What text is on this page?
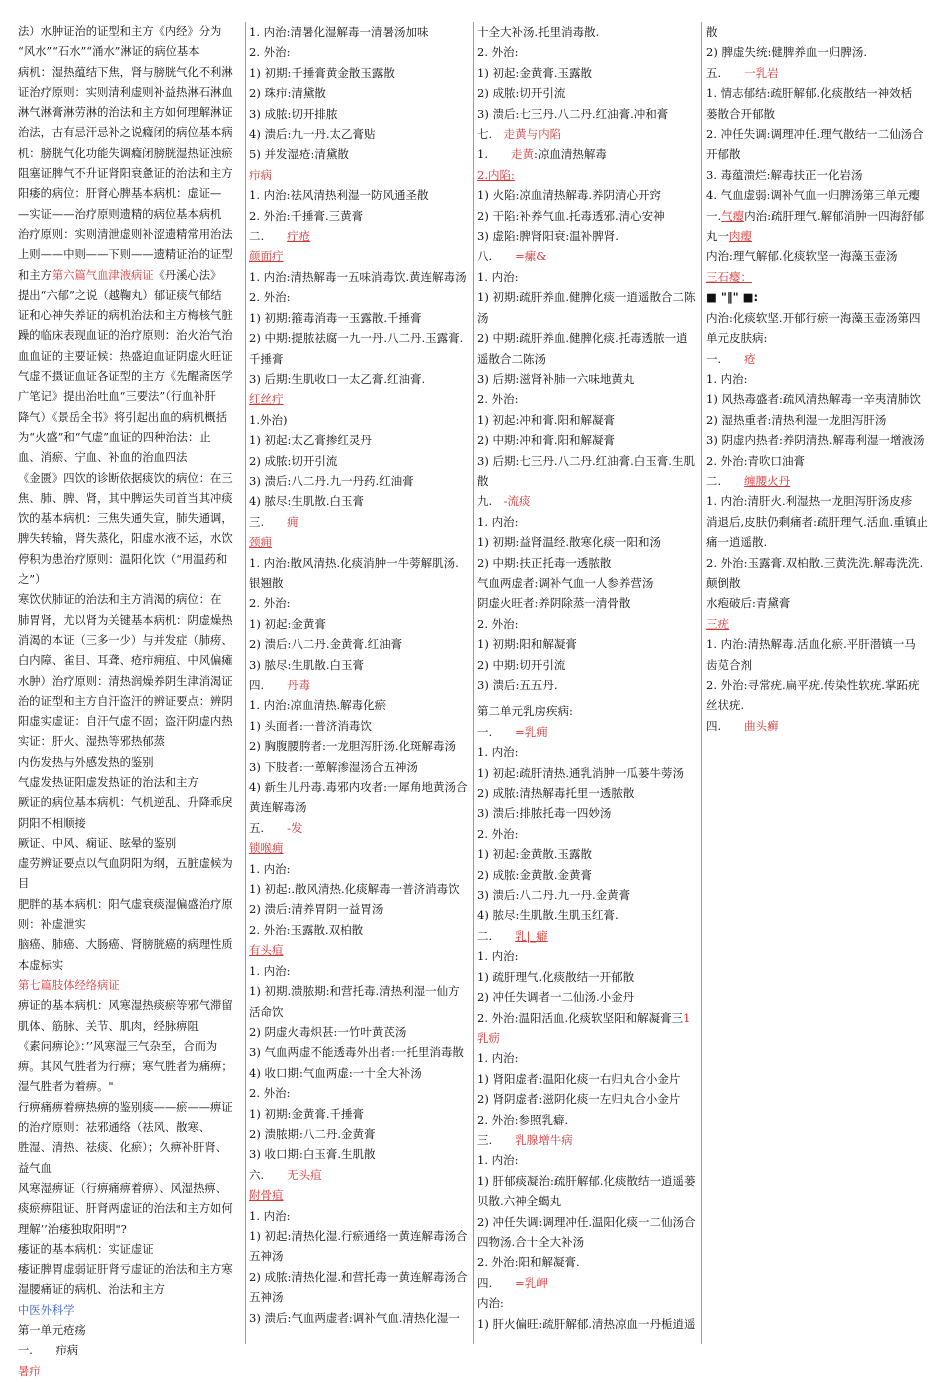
法）水肿证治的证型和主方《内经》分为
“风水”“石水”“涌水”淋证的病位基本
病机：湿热蕴结下焦，肾与膀胱气化不利淋
证治疗原则：实则清利虚则补益热淋石淋血
淋气淋膏淋劳淋的治法和主方如何理解淋证
治法，古有忌汗忌补之说癃闭的病位基本病
机：膀胱气化功能失调癃闭膀胱湿热证浊瘀
阻塞证脾气不升证肾阳衰惫证的治法和主方
阳痿的病位：肝肾心脾基本病机：虚证—
—实证——治疗原则遗精的病位基本病机
治疗原则：实则清泄虚则补涩遗精常用治法
上则——中则——下则——遗精证治的证型
和主方第六篇气血津液病证《丹溪心法》
提出“六郁”之说（越鞠丸）郁证痰气郁结
证和心神失养证的病机治法和主方梅核气脏
躁的临床表现血证的治疗原则：治火治气治
血血证的主要证候：热盛迫血证阴虚火旺证
气虚不摄证血证各证型的主方《先醒斋医学
广笔记》提出治吐血“三要法”（行血补肝
降气）《景岳全书》将引起出血的病机概括
为“火盛”和“气虚”血证的四种治法：止
血、消瘀、宁血、补血的治血四法
《金匮》四饮的诊断依据痰饮的病位：在三
焦、肺、脾、肾，其中脾运失司首当其冲痰
饮的基本病机：三焦失通失宣，肺失通调，
脾失转输，肾失蒸化，阳虚水液不运，水饮
停积为患治疗原则：温阳化饮（“用温药和
之”）
寒饮伏肺证的治法和主方消渴的病位：在
肺胃肾，尤以肾为关键基本病机：阴虚燥热
消渴的本证（三多一少）与并发症（肺痨、
白内障、雀目、耳聋、疮疖痈疽、中风偏瘫
水肿）治疗原则：清热润燥养阴生津消渴证
治的证型和主方自汗盗汗的辨证要点：辨阴
阳虚实虚证：自汗气虚不固；盗汗阴虚内热
实证：肝火、湿热等邪热郁蒸
内伤发热与外感发热的鉴别
气虚发热证阳虚发热证的治法和主方
厥证的病位基本病机：气机逆乱、升降乖戾
阴阳不相顺接
厥证、中风、痫证、眩晕的鉴别
虚劳辨证要点以气血阴阳为纲，五脏虚候为
目
肥胖的基本病机：阳气虚衰痰湿偏盛治疗原
则：补虚泄实
脑癌、肺癌、大肠癌、肾膀胱癌的病理性质
本虚标实
第七篇肢体经络病证
痹证的基本病机：风寒湿热痰瘀等邪气滞留
肌体、筋脉、关节、肌肉，经脉痹阻
《素问痹论》：’’风寒湿三气杂至，合而为
痹。其风气胜者为行痹；寒气胜者为痛痹；
湿气胜者为着痹。"
行痹痛痹着痹热痹的鉴别痰——瘀——痹证
的治疗原则：祛邪通络（祛风、散寒、
胜湿、清热、祛痰、化瘀）；久痹补肝肾、
益气血
风寒湿痹证（行痹痛痹着痹）、风湿热痹、
痰瘀痹阻证、肝肾两虚证的治法和主方如何
理解’’治痿独取阳明"?
痿证的基本病机：实证虚证
痿证脾胃虚弱证肝肾亏虚证的治法和主方寒
湿腰痛证的病机、治法和主方
中医外科学
第一单元疮疡
一.　　疖病
暑疖
1. 内治:清暑化湿解毒一清暑汤加味
2. 外治:
1) 初期:千捶膏黄金散玉露散
2) 珠疖:清黛散
3) 成脓:切开排脓
4) 溃后:九一丹.太乙膏贴
5) 并发湿疮:清黛散
疖病
1. 内治:祛风清热利湿一防风通圣散
2. 外治:千捶膏.三黄膏
二.　　疔疮
颜面疔
1. 内治:清热解毒一五味消毒饮.黄连解毒汤
2. 外治:
1) 初期:箍毒消毒一玉露散.千捶膏
2) 中期:提脓祛腐一九一丹.八二丹.玉露膏.
千捶膏
3) 后期:生肌收口一太乙膏.红油膏.
红丝疔
1.外治)
1) 初起:太乙膏掺红灵丹
2) 成脓:切开引流
3) 溃后:八二丹.九一丹药.红油膏
4) 脓尽:生肌散.白玉膏
三.　　痈
颈痈
1. 内治:散风清热.化痰消肿一牛蒡解肌汤.
银翘散
2. 外治:
1) 初起:金黄膏
2) 溃后:八二丹.金黄膏.红油膏
3) 脓尽:生肌散.白玉膏
四.　　丹毒
1. 内治:凉血清热.解毒化瘀
1) 头面者:一普济消毒饮
2) 胸腹腰胯者:一龙胆泻肝汤.化斑解毒汤
3) 下肢者:一萆解渗湿汤合五神汤
4) 新生儿丹毒.毒邪内攻者:一犀角地黄汤合
黄连解毒汤
五.　　-发
锁喉痈
1. 内治:
1) 初起:.散风清热.化痰解毒一普济消毒饮
2) 溃后:清养胃阴一益胃汤
2. 外治:玉露散.双柏散
有头疽
1. 内治:
1) 初期.溃脓期:和营托毒.清热利湿一仙方
活命饮
2) 阴虚火毒炽甚:一竹叶黄芪汤
3) 气血两虚不能透毒外出者:一托里消毒散
4) 收口期:气血两虚:一十全大补汤
2. 外治:
1) 初期:金黄膏.千捶膏
2) 溃脓期:八二丹.金黄膏
3) 收口期:白玉膏.生肌散
六.　　无头疽
附骨疽
1. 内治:
1) 初起:清热化湿.行瘀通络一黄连解毒汤合
五神汤
2) 成脓:清热化湿.和营托毒一黄连解毒汤合
五神汤
3) 溃后:气血两虚者:调补气血.清热化湿一
十全大补汤.托里消毒散.
2. 外治:
1) 初起:金黄膏.玉露散
2) 成脓:切开引流
3) 溃后:七三丹.八二丹.红油膏.冲和膏
七.　走黄与内陷
1.　　走黄:凉血清热解毒
2.内陷:
1) 火陷:凉血清热解毒.养阴清心开窍
2) 干陷:补养气血.托毒透邪.清心安神
3) 虚陷:脾肾阳衰:温补脾肾.
八.　　=瘰&
1. 内治:
1) 初期:疏肝养血.健脾化痰一逍遥散合二陈
汤
2) 中期:疏肝养血.健脾化痰.托毒透脓一逍
遥散合二陈汤
3) 后期:滋肾补肺一六味地黄丸
2. 外治:
1) 初起:冲和膏.阳和解凝膏
2) 中期:冲和膏.阳和解凝膏
3) 后期:七三丹.八二丹.红油膏.白玉膏.生肌
散
九.　-流痰
1. 内治:
1) 初期:益肾温经.散寒化痰一阳和汤
2) 中期:扶正托毒一透脓散
气血两虚者:调补气血一人参养营汤
阴虚火旺者:养阴除蒸一清骨散
2. 外治:
1) 初期:阳和解凝膏
2) 中期:切开引流
3) 溃后:五五丹.
第二单元乳房疾病:
一.　　=乳痈
1. 内治:
1) 初起:疏肝清热.通乳消肿一瓜蒌牛蒡汤
2) 成脓:清热解毒托里一透脓散
3) 溃后:排脓托毒一四妙汤
2. 外治:
1) 初起:金黄散.玉露散
2) 成脓:金黄散.金黄膏
3) 溃后:八二丹.九一丹.金黄膏
4) 脓尽:生肌散.生肌玉红膏.
二.　　乳|_癖
1. 内治:
1) 疏肝理气.化痰散结一开郁散
2) 冲任失调者一二仙汤.小金丹
2. 外治:温阳活血.化痰软坚阳和解凝膏三1
乳疬
1. 内治:
1) 肾阳虚者:温阳化痰一右归丸合小金片
2) 肾阴虚者:滋阴化痰一左归丸合小金片
2. 外治:参照乳癖.
三.　　乳腺增牛病
1. 内治:
1) 肝郁痰凝治:疏肝解郁.化痰散结一逍遥蒌
贝散.六神全蝎丸
2) 冲任失调:调理冲任.温阳化痰一二仙汤合
四物汤.合十全大补汤
2. 外治:阳和解凝膏.
四.　　=乳岬
内治:
1) 肝火偏旺:疏肝解郁.清热凉血一丹栀逍遥
散
2) 脾虚失统:健脾养血一归脾汤.
五.　　一乳岩
1. 情志郁结:疏肝解郁.化痰散结一神效栝
蒌散合开郁散
2. 冲任失调:调理冲任.理气散结一二仙汤合
开郁散
3. 毒蕴溃烂:解毒扶正一化岩汤
4. 气血虚弱:调补气血一归脾汤第三单元瘿
一.气瘿内治:疏肝理气.解郁消肿一四海舒郁
丸一肉瘿
内治:理气解郁.化痰软坚一海藻玉壶汤
三石瘿：
■ "‖" ■:
内治:化痰软坚.开郁行瘀一海藻玉壶汤第四
单元皮肤病:
一.　　疮
1. 内治:
1) 风热毒盛者:疏风清热解毒一辛夷清肺饮
2) 湿热重者:清热利湿一龙胆泻肝汤
3) 阴虚内热者:养阴清热.解毒利湿一增液汤
2. 外治:青吹口油膏
二.　　缠腰火丹
1. 内治:清肝火.利湿热一龙胆泻肝汤皮疹
消退后,皮肤仍剩痛者:疏肝理气.活血.重镇止
痛一逍遥散.
2. 外治:玉露膏.双柏散.三黄洗洗.解毒洗洗.
颠倒散
水疱破后:青黛膏
三疣
1. 内治:清热解毒.活血化瘀.平肝潜镇一马
齿苋合剂
2. 外治:寻常疣.扁平疣.传染性软疣.掌跖疣
丝状疣.
四.　　曲头癣
